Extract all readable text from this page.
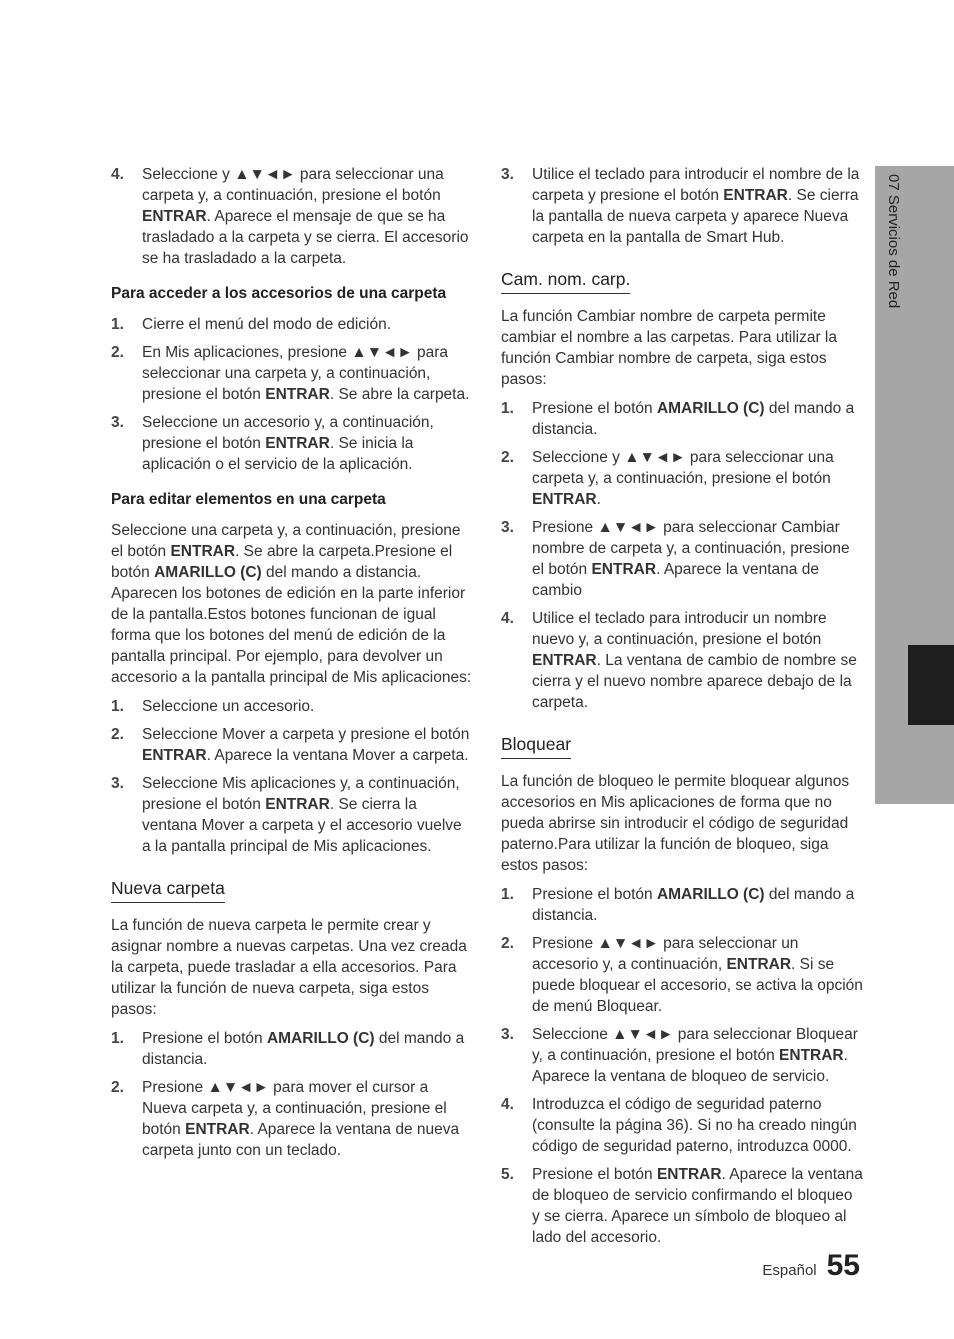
07 Servicios de Red
4.	Seleccione y ▲▼◄► para seleccionar una carpeta y, a continuación, presione el botón ENTRAR. Aparece el mensaje de que se ha trasladado a la carpeta y se cierra. El accesorio se ha trasladado a la carpeta.
Para acceder a los accesorios de una carpeta
1.	Cierre el menú del modo de edición.
2.	En Mis aplicaciones, presione ▲▼◄► para seleccionar una carpeta y, a continuación, presione el botón ENTRAR. Se abre la carpeta.
3.	Seleccione un accesorio y, a continuación, presione el botón ENTRAR. Se inicia la aplicación o el servicio de la aplicación.
Para editar elementos en una carpeta
Seleccione una carpeta y, a continuación, presione el botón ENTRAR. Se abre la carpeta.Presione el botón AMARILLO (C) del mando a distancia. Aparecen los botones de edición en la parte inferior de la pantalla.Estos botones funcionan de igual forma que los botones del menú de edición de la pantalla principal. Por ejemplo, para devolver un accesorio a la pantalla principal de Mis aplicaciones:
1.	Seleccione un accesorio.
2.	Seleccione Mover a carpeta y presione el botón ENTRAR. Aparece la ventana Mover a carpeta.
3.	Seleccione Mis aplicaciones y, a continuación, presione el botón ENTRAR. Se cierra la ventana Mover a carpeta y el accesorio vuelve a la pantalla principal de Mis aplicaciones.
Nueva carpeta
La función de nueva carpeta le permite crear y asignar nombre a nuevas carpetas. Una vez creada la carpeta, puede trasladar a ella accesorios. Para utilizar la función de nueva carpeta, siga estos pasos:
1.	Presione el botón AMARILLO (C) del mando a distancia.
2.	Presione ▲▼◄► para mover el cursor a Nueva carpeta y, a continuación, presione el botón ENTRAR. Aparece la ventana de nueva carpeta junto con un teclado.
3.	Utilice el teclado para introducir el nombre de la carpeta y presione el botón ENTRAR. Se cierra la pantalla de nueva carpeta y aparece Nueva carpeta en la pantalla de Smart Hub.
Cam. nom. carp.
La función Cambiar nombre de carpeta permite cambiar el nombre a las carpetas. Para utilizar la función Cambiar nombre de carpeta, siga estos pasos:
1.	Presione el botón AMARILLO (C) del mando a distancia.
2.	Seleccione y ▲▼◄► para seleccionar una carpeta y, a continuación, presione el botón ENTRAR.
3.	Presione ▲▼◄► para seleccionar Cambiar nombre de carpeta y, a continuación, presione el botón ENTRAR. Aparece la ventana de cambio
4.	Utilice el teclado para introducir un nombre nuevo y, a continuación, presione el botón ENTRAR. La ventana de cambio de nombre se cierra y el nuevo nombre aparece debajo de la carpeta.
Bloquear
La función de bloqueo le permite bloquear algunos accesorios en Mis aplicaciones de forma que no pueda abrirse sin introducir el código de seguridad paterno.Para utilizar la función de bloqueo, siga estos pasos:
1.	Presione el botón AMARILLO (C) del mando a distancia.
2.	Presione ▲▼◄► para seleccionar un accesorio y, a continuación, ENTRAR. Si se puede bloquear el accesorio, se activa la opción de menú Bloquear.
3.	Seleccione ▲▼◄► para seleccionar Bloquear y, a continuación, presione el botón ENTRAR. Aparece la ventana de bloqueo de servicio.
4.	Introduzca el código de seguridad paterno (consulte la página 36). Si no ha creado ningún código de seguridad paterno, introduzca 0000.
5.	Presione el botón ENTRAR. Aparece la ventana de bloqueo de servicio confirmando el bloqueo y se cierra. Aparece un símbolo de bloqueo al lado del accesorio.
Español 55
